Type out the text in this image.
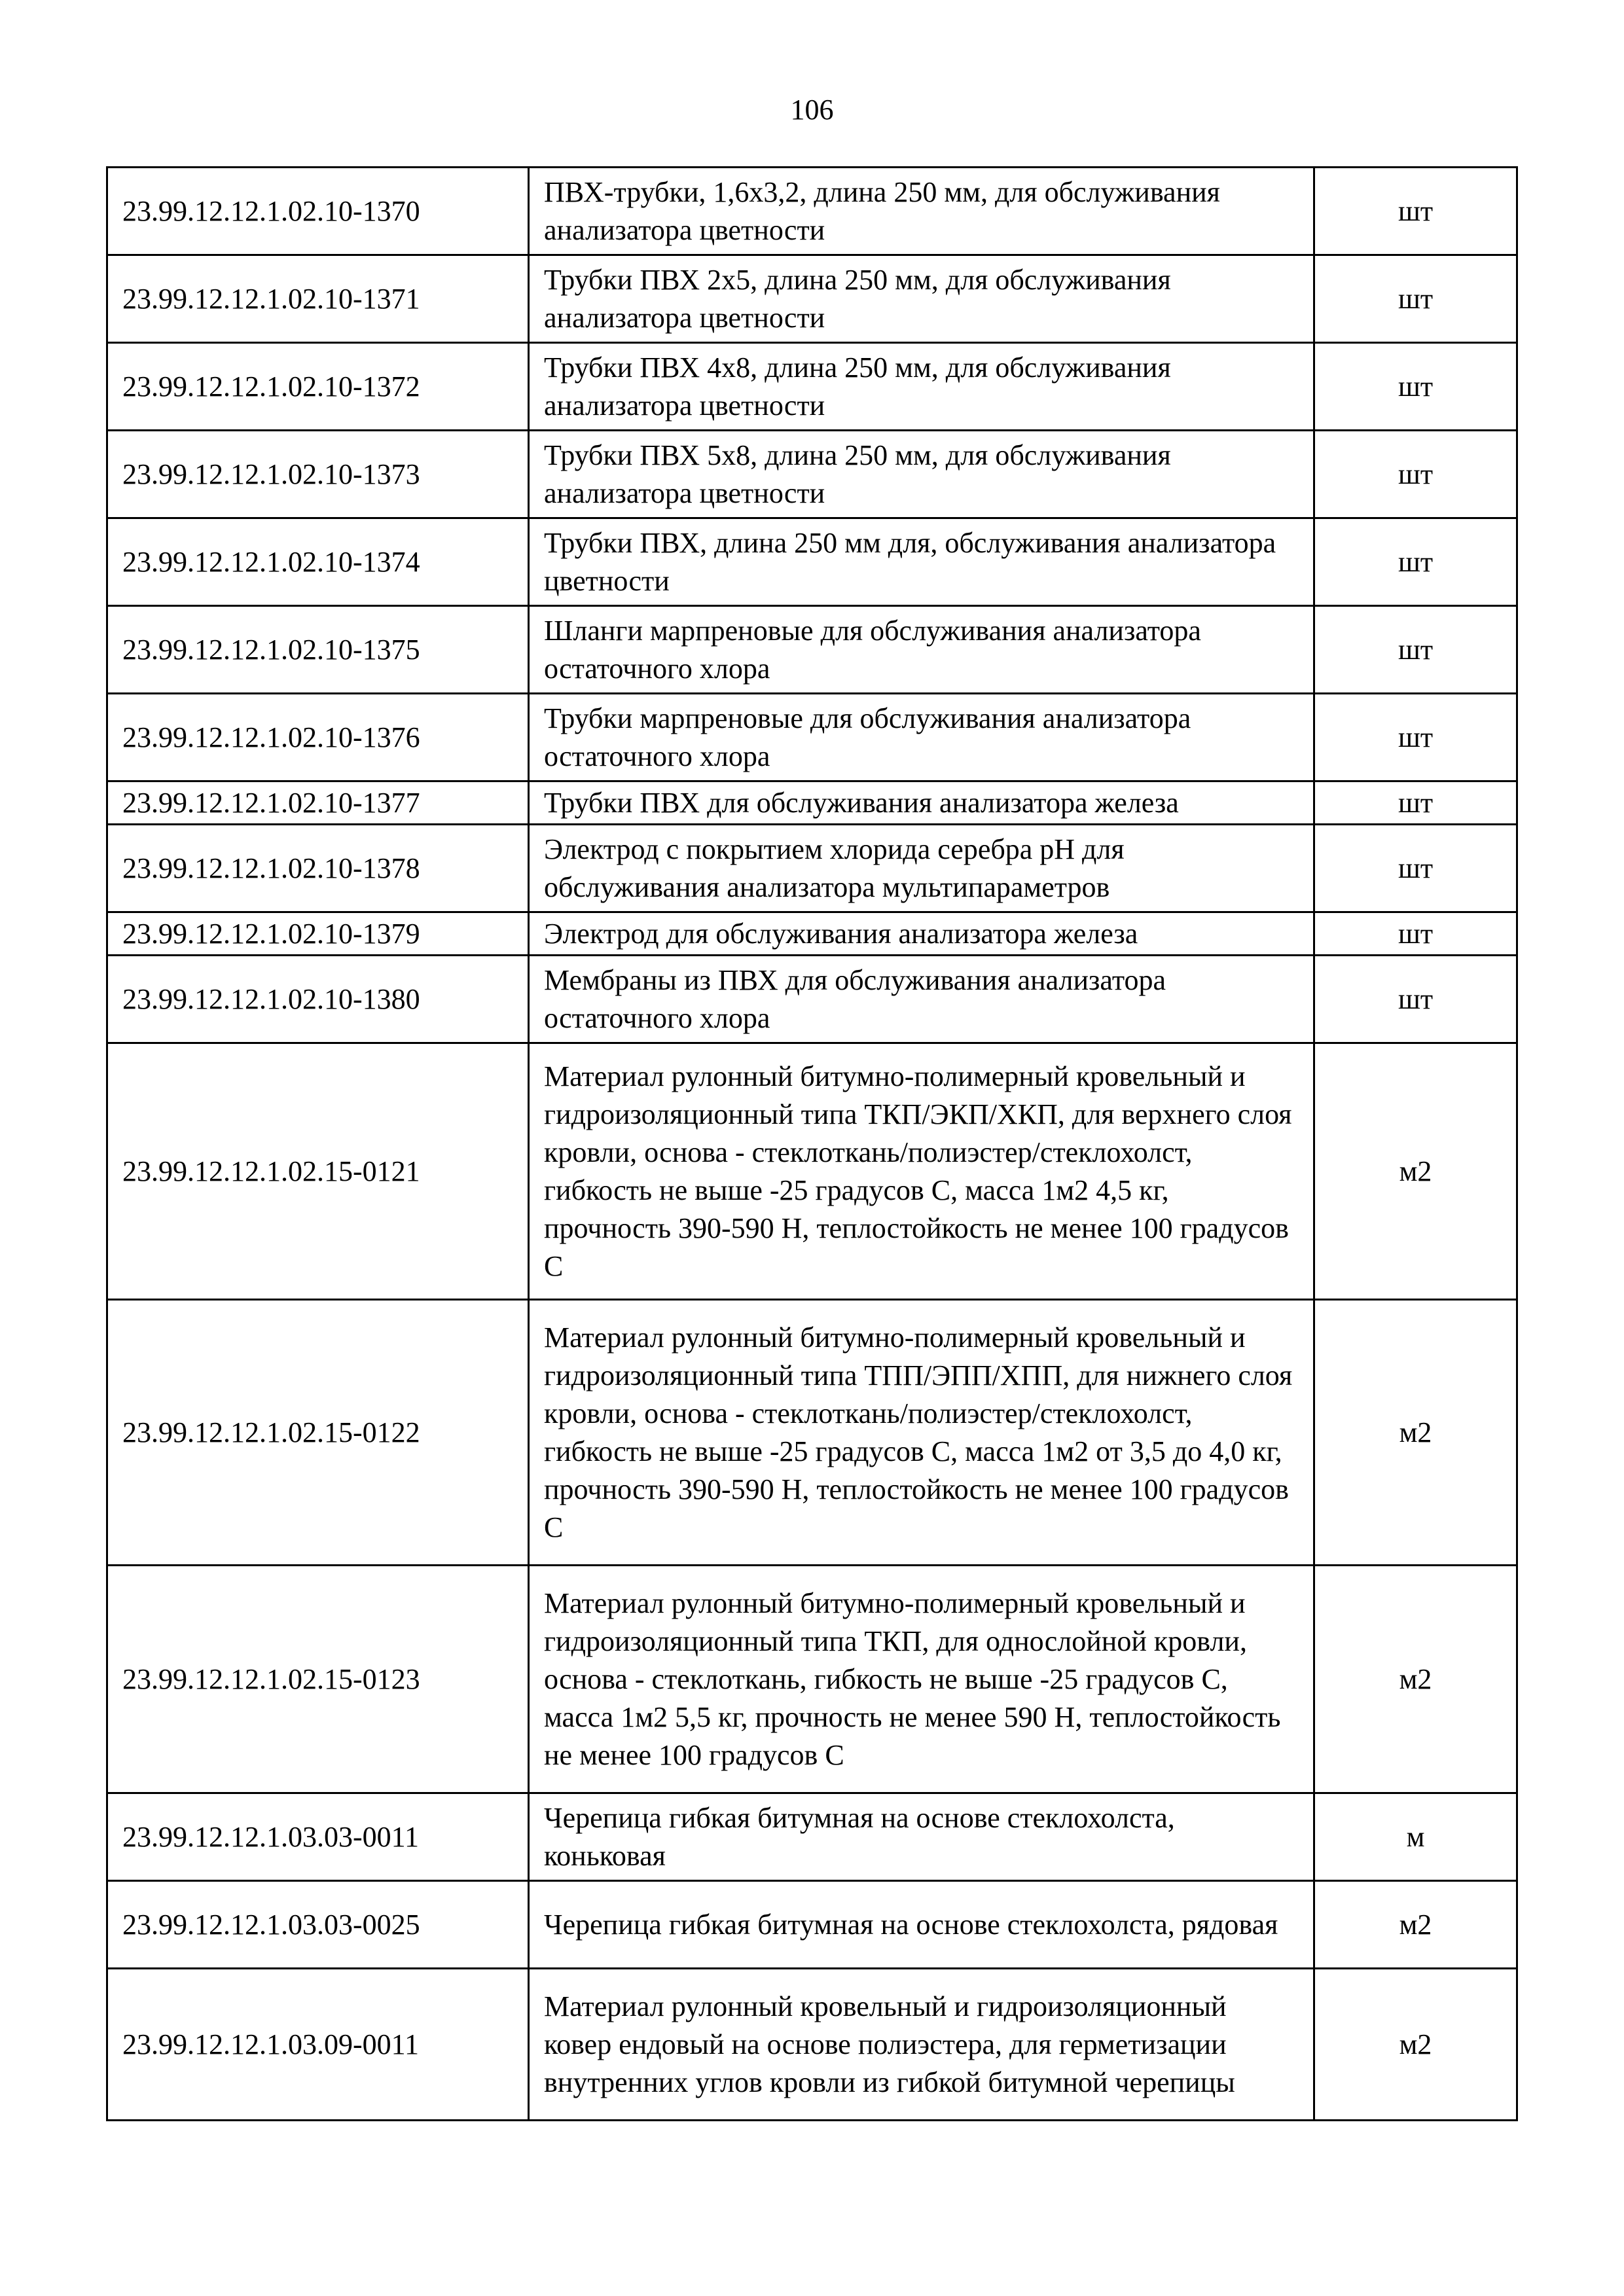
106
23.99.12.12.1.02.10-1370	ПВХ-трубки, 1,6х3,2, длина 250 мм, для обслуживания анализатора цветности	шт
23.99.12.12.1.02.10-1371	Трубки ПВХ 2х5, длина 250 мм, для обслуживания анализатора цветности	шт
23.99.12.12.1.02.10-1372	Трубки ПВХ 4х8, длина 250 мм, для обслуживания анализатора цветности	шт
23.99.12.12.1.02.10-1373	Трубки ПВХ 5х8, длина 250 мм, для обслуживания анализатора цветности	шт
23.99.12.12.1.02.10-1374	Трубки ПВХ, длина 250 мм для, обслуживания анализатора цветности	шт
23.99.12.12.1.02.10-1375	Шланги марпреновые для обслуживания анализатора остаточного хлора	шт
23.99.12.12.1.02.10-1376	Трубки марпреновые для обслуживания анализатора остаточного хлора	шт
23.99.12.12.1.02.10-1377	Трубки ПВХ для обслуживания анализатора железа	шт
23.99.12.12.1.02.10-1378	Электрод с покрытием хлорида серебра pH для обслуживания анализатора мультипараметров	шт
23.99.12.12.1.02.10-1379	Электрод для обслуживания анализатора железа	шт
23.99.12.12.1.02.10-1380	Мембраны из ПВХ для обслуживания анализатора остаточного хлора	шт
23.99.12.12.1.02.15-0121	Материал рулонный битумно-полимерный кровельный и гидроизоляционный типа ТКП/ЭКП/ХКП, для верхнего слоя кровли, основа - стеклоткань/полиэстер/стеклохолст, гибкость не выше -25 градусов С, масса 1м2 4,5 кг, прочность 390-590 Н, теплостойкость не менее 100 градусов С	м2
23.99.12.12.1.02.15-0122	Материал рулонный битумно-полимерный кровельный и гидроизоляционный типа ТПП/ЭПП/ХПП, для нижнего слоя кровли, основа - стеклоткань/полиэстер/стеклохолст, гибкость не выше -25 градусов С, масса 1м2 от 3,5 до 4,0 кг, прочность 390-590 Н, теплостойкость не менее 100 градусов С	м2
23.99.12.12.1.02.15-0123	Материал рулонный битумно-полимерный кровельный и гидроизоляционный типа ТКП, для однослойной кровли, основа - стеклоткань, гибкость не выше -25 градусов С, масса 1м2 5,5 кг, прочность не менее 590 Н, теплостойкость не менее 100 градусов С	м2
23.99.12.12.1.03.03-0011	Черепица гибкая битумная на основе стеклохолста, коньковая	м
23.99.12.12.1.03.03-0025	Черепица гибкая битумная на основе стеклохолста, рядовая	м2
23.99.12.12.1.03.09-0011	Материал рулонный кровельный и гидроизоляционный ковер ендовый на основе полиэстера, для герметизации внутренних углов кровли из гибкой битумной черепицы	м2
